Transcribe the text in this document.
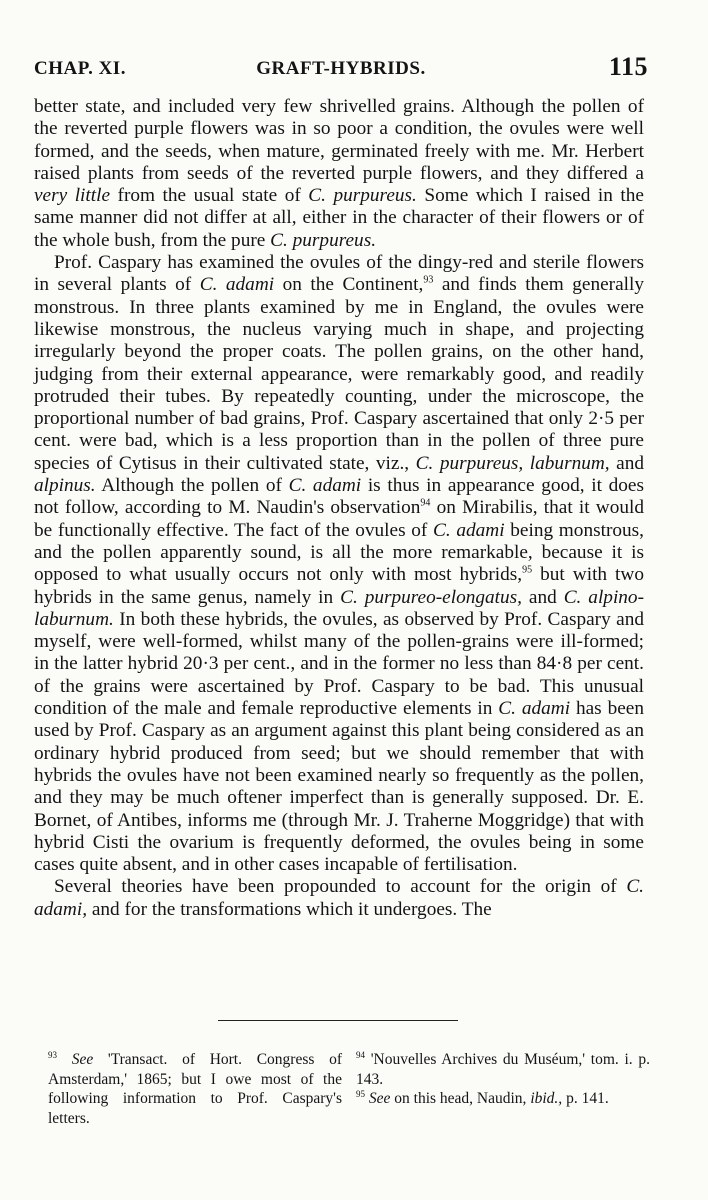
CHAP. XI.	GRAFT-HYBRIDS.	115

better state, and included very few shrivelled grains. Although the pollen of the reverted purple flowers was in so poor a condition, the ovules were well formed, and the seeds, when mature, germinated freely with me. Mr. Herbert raised plants from seeds of the reverted purple flowers, and they differed a very little from the usual state of C. purpureus. Some which I raised in the same manner did not differ at all, either in the character of their flowers or of the whole bush, from the pure C. purpureus.

Prof. Caspary has examined the ovules of the dingy-red and sterile flowers in several plants of C. adami on the Continent,$^{93}$ and finds them generally monstrous. In three plants examined by me in England, the ovules were likewise monstrous, the nucleus varying much in shape, and projecting irregularly beyond the proper coats. The pollen grains, on the other hand, judging from their external appearance, were remarkably good, and readily protruded their tubes. By repeatedly counting, under the microscope, the proportional number of bad grains, Prof. Caspary ascertained that only 2·5 per cent. were bad, which is a less proportion than in the pollen of three pure species of Cytisus in their cultivated state, viz., C. purpureus, laburnum, and alpinus. Although the pollen of C. adami is thus in appearance good, it does not follow, according to M. Naudin's observation$^{94}$ on Mirabilis, that it would be functionally effective. The fact of the ovules of C. adami being monstrous, and the pollen apparently sound, is all the more remarkable, because it is opposed to what usually occurs not only with most hybrids,$^{95}$ but with two hybrids in the same genus, namely in C. purpureo-elongatus, and C. alpino-laburnum. In both these hybrids, the ovules, as observed by Prof. Caspary and myself, were well-formed, whilst many of the pollen-grains were ill-formed; in the latter hybrid 20·3 per cent., and in the former no less than 84·8 per cent. of the grains were ascertained by Prof. Caspary to be bad. This unusual condition of the male and female reproductive elements in C. adami has been used by Prof. Caspary as an argument against this plant being considered as an ordinary hybrid produced from seed; but we should remember that with hybrids the ovules have not been examined nearly so frequently as the pollen, and they may be much oftener imperfect than is generally supposed. Dr. E. Bornet, of Antibes, informs me (through Mr. J. Traherne Moggridge) that with hybrid Cisti the ovarium is frequently deformed, the ovules being in some cases quite absent, and in other cases incapable of fertilisation.

Several theories have been propounded to account for the origin of C. adami, and for the transformations which it undergoes. The

$^{93}$ See 'Transact. of Hort. Congress of Amsterdam,' 1865; but I owe most of the following information to Prof. Caspary's letters.

$^{94}$ 'Nouvelles Archives du Muséum,' tom. i. p. 143.

$^{95}$ See on this head, Naudin, ibid., p. 141.
